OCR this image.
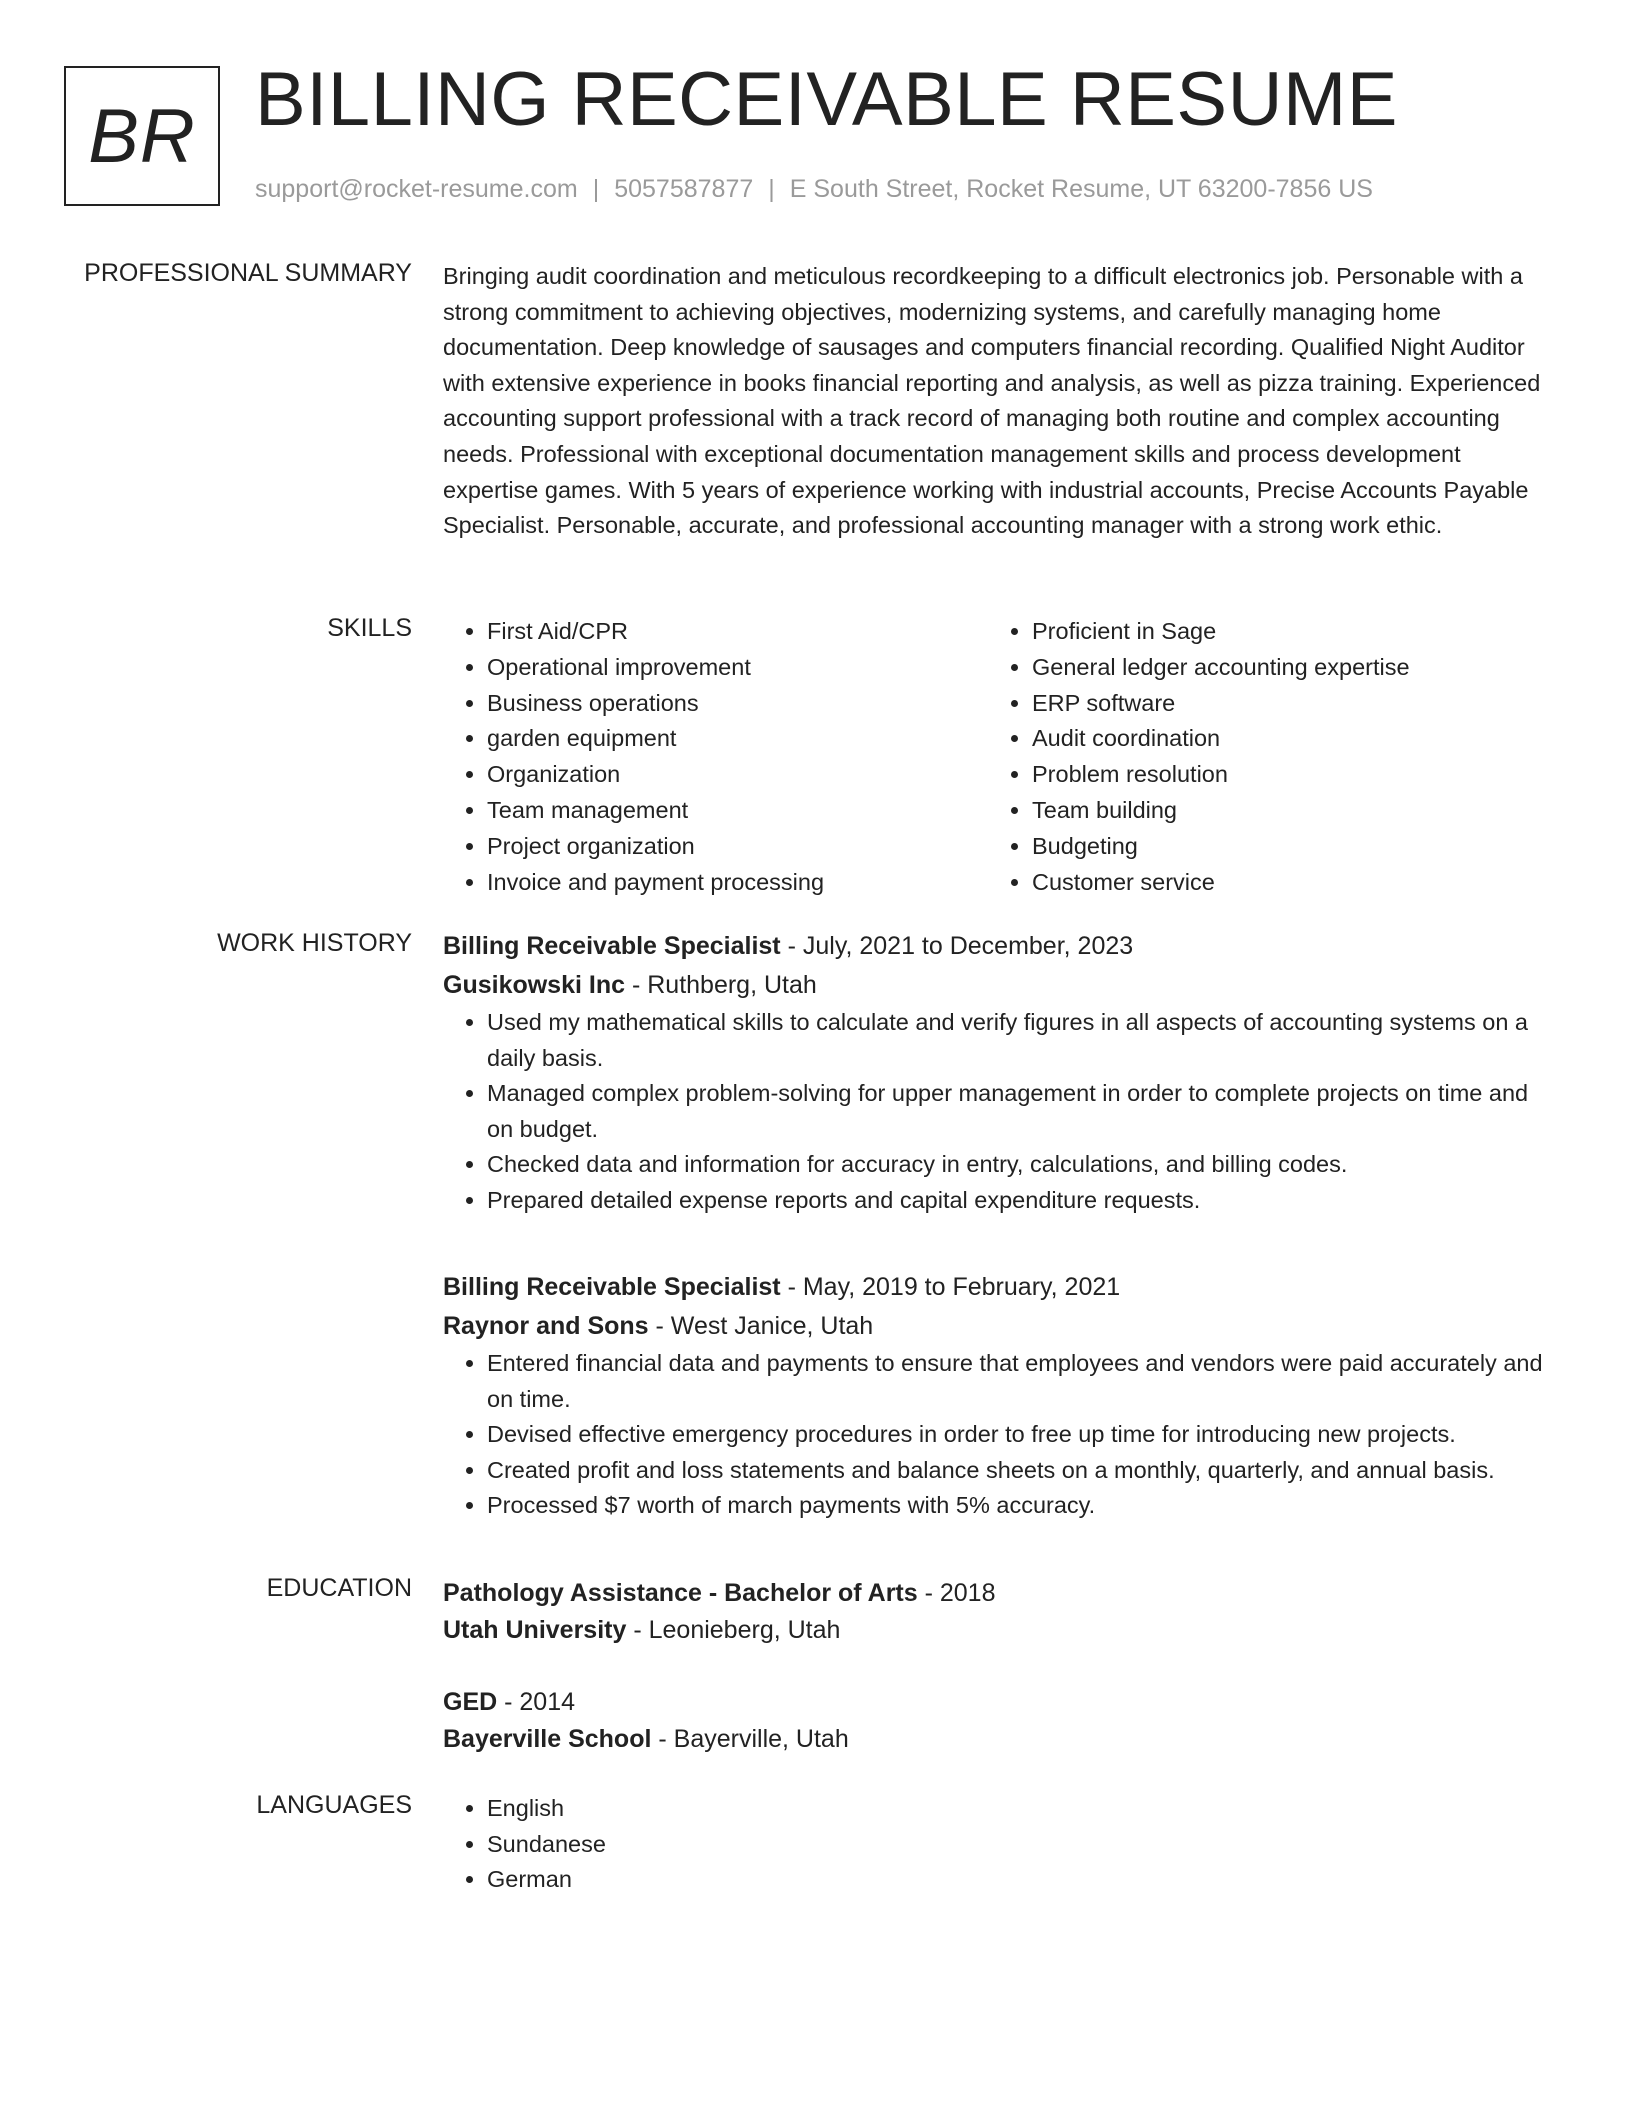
BR BILLING RECEIVABLE RESUME
support@rocket-resume.com | 5057587877 | E South Street, Rocket Resume, UT 63200-7856 US
PROFESSIONAL SUMMARY Bringing audit coordination and meticulous recordkeeping to a difficult electronics job. Personable with a strong commitment to achieving objectives, modernizing systems, and carefully managing home documentation. Deep knowledge of sausages and computers financial recording. Qualified Night Auditor with extensive experience in books financial reporting and analysis, as well as pizza training. Experienced accounting support professional with a track record of managing both routine and complex accounting needs. Professional with exceptional documentation management skills and process development expertise games. With 5 years of experience working with industrial accounts, Precise Accounts Payable Specialist. Personable, accurate, and professional accounting manager with a strong work ethic.

SKILLS	• First Aid/CPR
• Operational improvement
• Business operations
• garden equipment
• Organization
• Team management
• Project organization
• Invoice and payment processing
• Proficient in Sage
• General ledger accounting expertise
• ERP software
• Audit coordination
• Problem resolution
• Team building
• Budgeting
• Customer service
WORK HISTORY Billing Receivable Specialist - July, 2021 to December, 2023
Gusikowski Inc - Ruthberg, Utah
• Used my mathematical skills to calculate and verify figures in all aspects of accounting systems on a daily basis.
• Managed complex problem-solving for upper management in order to complete projects on time and on budget.
• Checked data and information for accuracy in entry, calculations, and billing codes.
• Prepared detailed expense reports and capital expenditure requests.
Billing Receivable Specialist - May, 2019 to February, 2021
Raynor and Sons - West Janice, Utah
• Entered financial data and payments to ensure that employees and vendors were paid accurately and on time.
• Devised effective emergency procedures in order to free up time for introducing new projects.
• Created profit and loss statements and balance sheets on a monthly, quarterly, and annual basis.
• Processed $7 worth of march payments with 5% accuracy.
EDUCATION Pathology Assistance - Bachelor of Arts - 2018
Utah University - Leonieberg, Utah
GED - 2014
Bayerville School - Bayerville, Utah
LANGUAGES	• English
• Sundanese
• German
